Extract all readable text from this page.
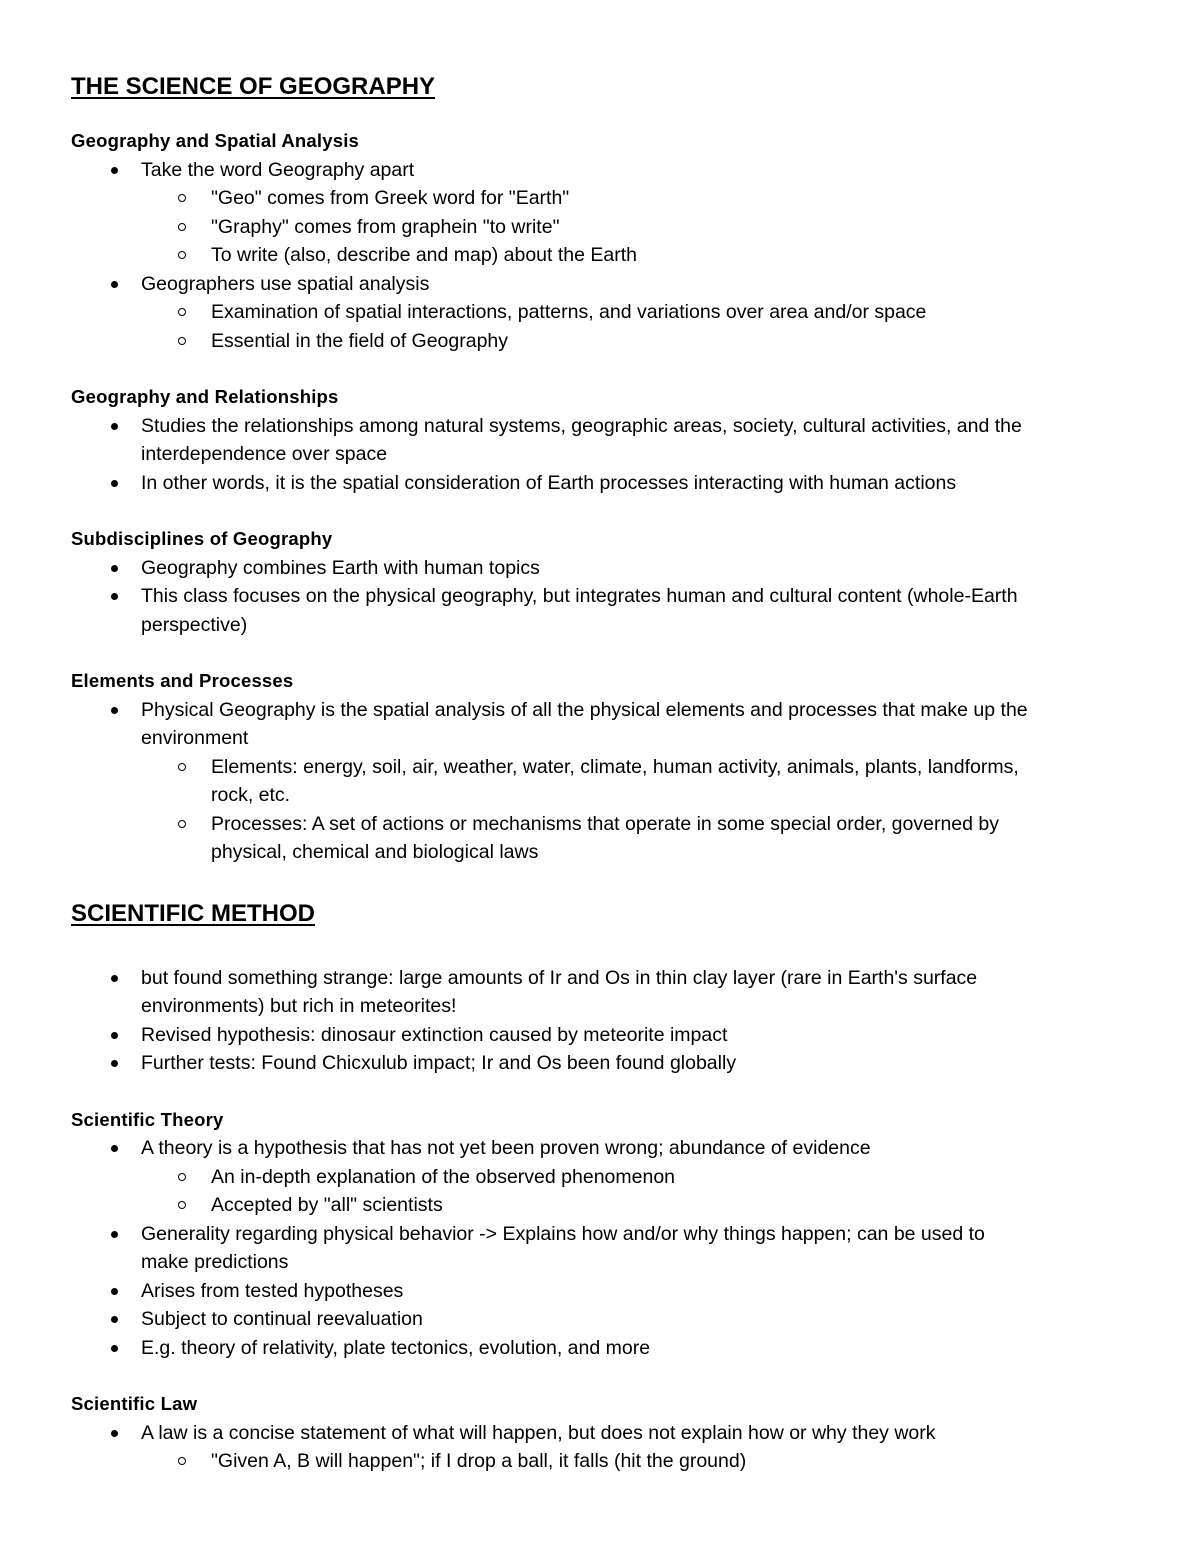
THE SCIENCE OF GEOGRAPHY
Geography and Spatial Analysis
Take the word Geography apart
"Geo" comes from Greek word for "Earth"
"Graphy" comes from graphein "to write"
To write (also, describe and map) about the Earth
Geographers use spatial analysis
Examination of spatial interactions, patterns, and variations over area and/or space
Essential in the field of Geography
Geography and Relationships
Studies the relationships among natural systems, geographic areas, society, cultural activities, and the
interdependence over space
In other words, it is the spatial consideration of Earth processes interacting with human actions
Subdisciplines of Geography
Geography combines Earth with human topics
This class focuses on the physical geography, but integrates human and cultural content (whole-Earth
perspective)
Elements and Processes
Physical Geography is the spatial analysis of all the physical elements and processes that make up the
environment
Elements: energy, soil, air, weather, water, climate, human activity, animals, plants, landforms,
rock, etc.
Processes: A set of actions or mechanisms that operate in some special order, governed by
physical, chemical and biological laws
SCIENTIFIC METHOD
but found something strange: large amounts of Ir and Os in thin clay layer (rare in Earth's surface
environments) but rich in meteorites!
Revised hypothesis: dinosaur extinction caused by meteorite impact
Further tests: Found Chicxulub impact; Ir and Os been found globally
Scientific Theory
A theory is a hypothesis that has not yet been proven wrong; abundance of evidence
An in-depth explanation of the observed phenomenon
Accepted by "all" scientists
Generality regarding physical behavior -> Explains how and/or why things happen; can be used to
make predictions
Arises from tested hypotheses
Subject to continual reevaluation
E.g. theory of relativity, plate tectonics, evolution, and more
Scientific Law
A law is a concise statement of what will happen, but does not explain how or why they work
"Given A, B will happen"; if I drop a ball, it falls (hit the ground)
